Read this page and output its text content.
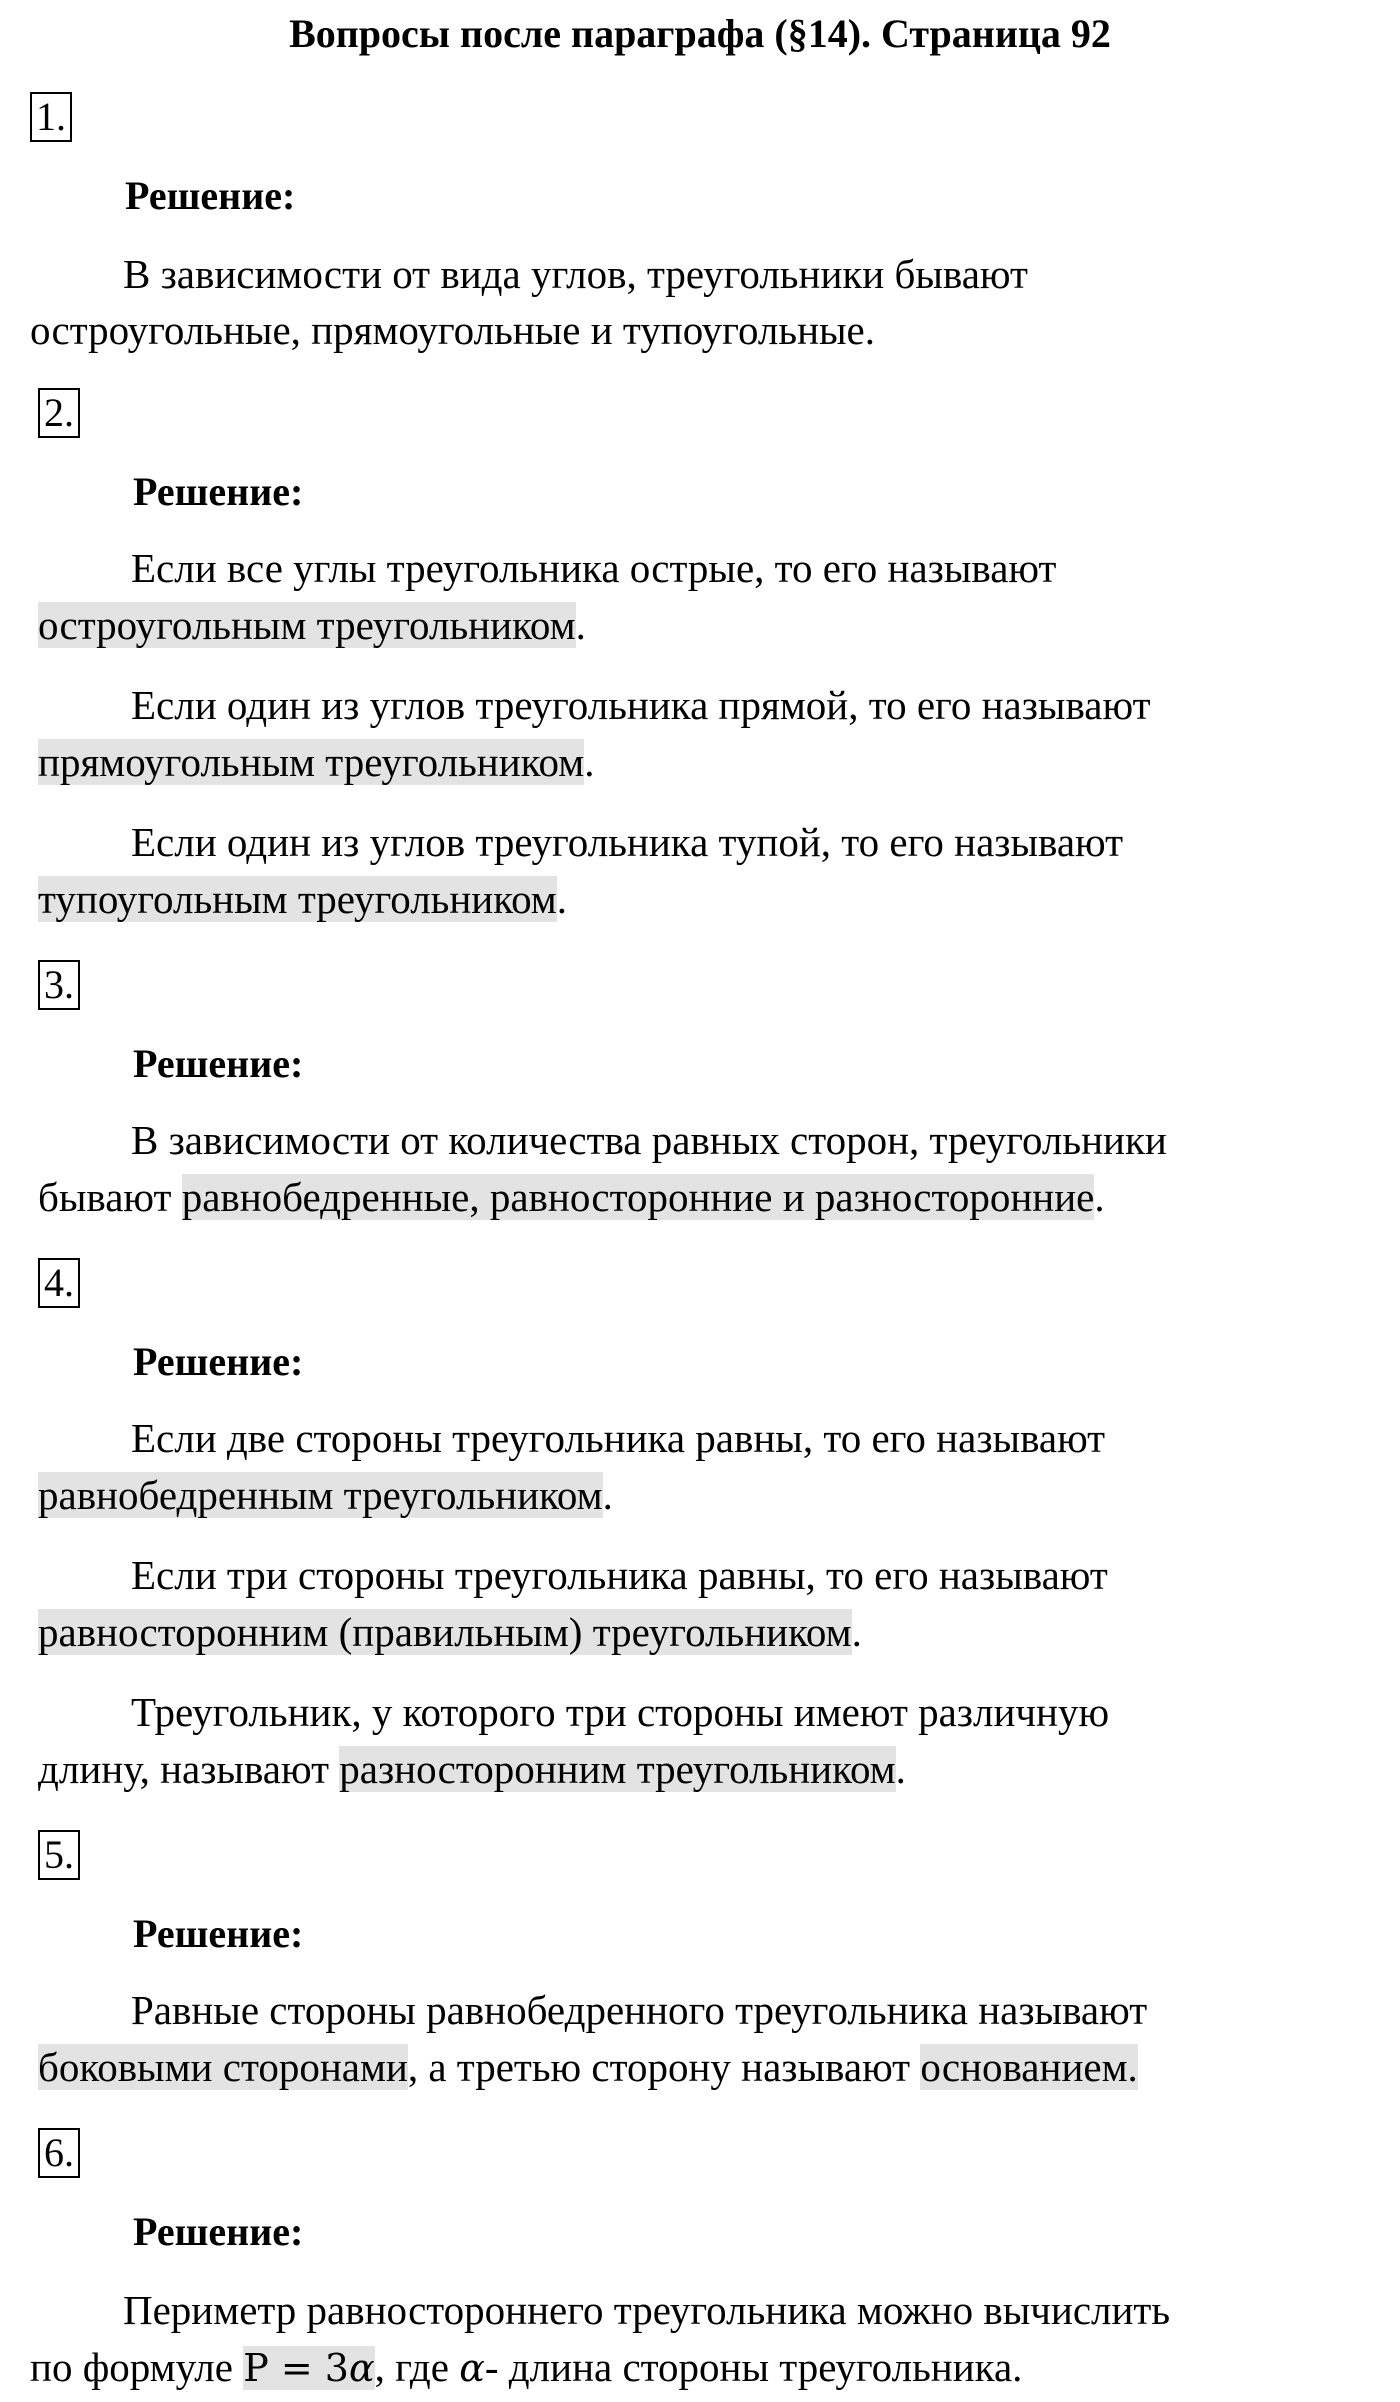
Вопросы после параграфа (§14). Страница 92
1.
Решение:
В зависимости от вида углов, треугольники бывают
остроугольные, прямоугольные и тупоугольные.
2.
Решение:
Если все углы треугольника острые, то его называют
остроугольным треугольником.
Если один из углов треугольника прямой, то его называют
прямоугольным треугольником.
Если один из углов треугольника тупой, то его называют
тупоугольным треугольником.
3.
Решение:
В зависимости от количества равных сторон, треугольники
бывают равнобедренные, равносторонние и разносторонние.
4.
Решение:
Если две стороны треугольника равны, то его называют
равнобедренным треугольником.
Если три стороны треугольника равны, то его называют
равносторонним (правильным) треугольником.
Треугольник, у которого три стороны имеют различную
длину, называют разносторонним треугольником.
5.
Решение:
Равные стороны равнобедренного треугольника называют
боковыми сторонами, а третью сторону называют основанием.
6.
Решение:
Периметр равностороннего треугольника можно вычислить
по формуле P = 3α, где α- длина стороны треугольника.
